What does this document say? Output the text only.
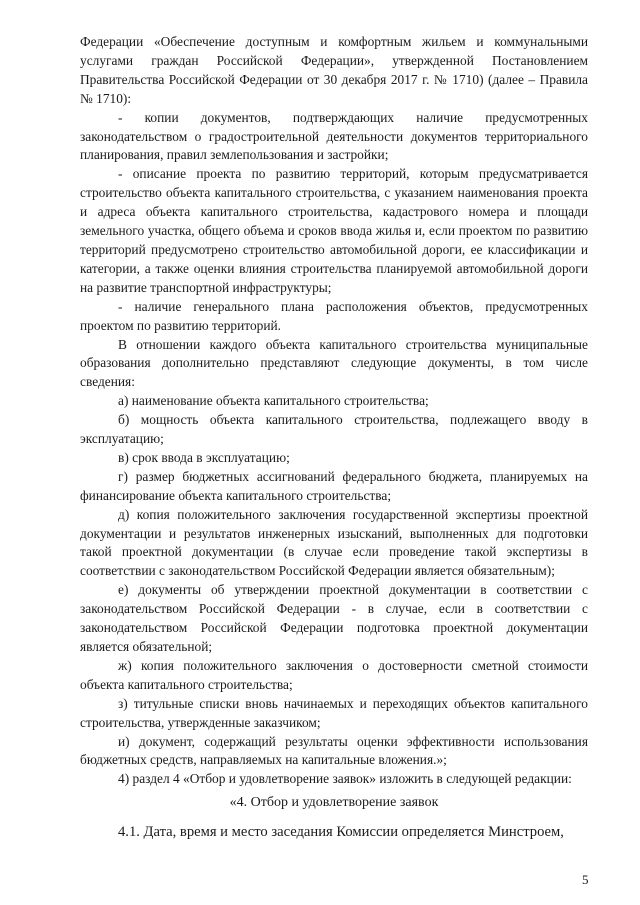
Федерации «Обеспечение доступным и комфортным жильем и коммунальными услугами граждан Российской Федерации», утвержденной Постановлением Правительства Российской Федерации от 30 декабря 2017 г. № 1710) (далее – Правила № 1710):

- копии документов, подтверждающих наличие предусмотренных законодательством о градостроительной деятельности документов территориального планирования, правил землепользования и застройки;

- описание проекта по развитию территорий, которым предусматривается строительство объекта капитального строительства, с указанием наименования проекта и адреса объекта капитального строительства, кадастрового номера и площади земельного участка, общего объема и сроков ввода жилья и, если проектом по развитию территорий предусмотрено строительство автомобильной дороги, ее классификации и категории, а также оценки влияния строительства планируемой автомобильной дороги на развитие транспортной инфраструктуры;

- наличие генерального плана расположения объектов, предусмотренных проектом по развитию территорий.

В отношении каждого объекта капитального строительства муниципальные образования дополнительно представляют следующие документы, в том числе сведения:

а) наименование объекта капитального строительства;

б) мощность объекта капитального строительства, подлежащего вводу в эксплуатацию;

в) срок ввода в эксплуатацию;

г) размер бюджетных ассигнований федерального бюджета, планируемых на финансирование объекта капитального строительства;

д) копия положительного заключения государственной экспертизы проектной документации и результатов инженерных изысканий, выполненных для подготовки такой проектной документации (в случае если проведение такой экспертизы в соответствии с законодательством Российской Федерации является обязательным);

е) документы об утверждении проектной документации в соответствии с законодательством Российской Федерации - в случае, если в соответствии с законодательством Российской Федерации подготовка проектной документации является обязательной;

ж) копия положительного заключения о достоверности сметной стоимости объекта капитального строительства;

з) титульные списки вновь начинаемых и переходящих объектов капитального строительства, утвержденные заказчиком;

и) документ, содержащий результаты оценки эффективности использования бюджетных средств, направляемых на капитальные вложения.»;

4) раздел 4 «Отбор и удовлетворение заявок» изложить в следующей редакции:

«4. Отбор и удовлетворение заявок

4.1. Дата, время и место заседания Комиссии определяется Минстроем,

5
